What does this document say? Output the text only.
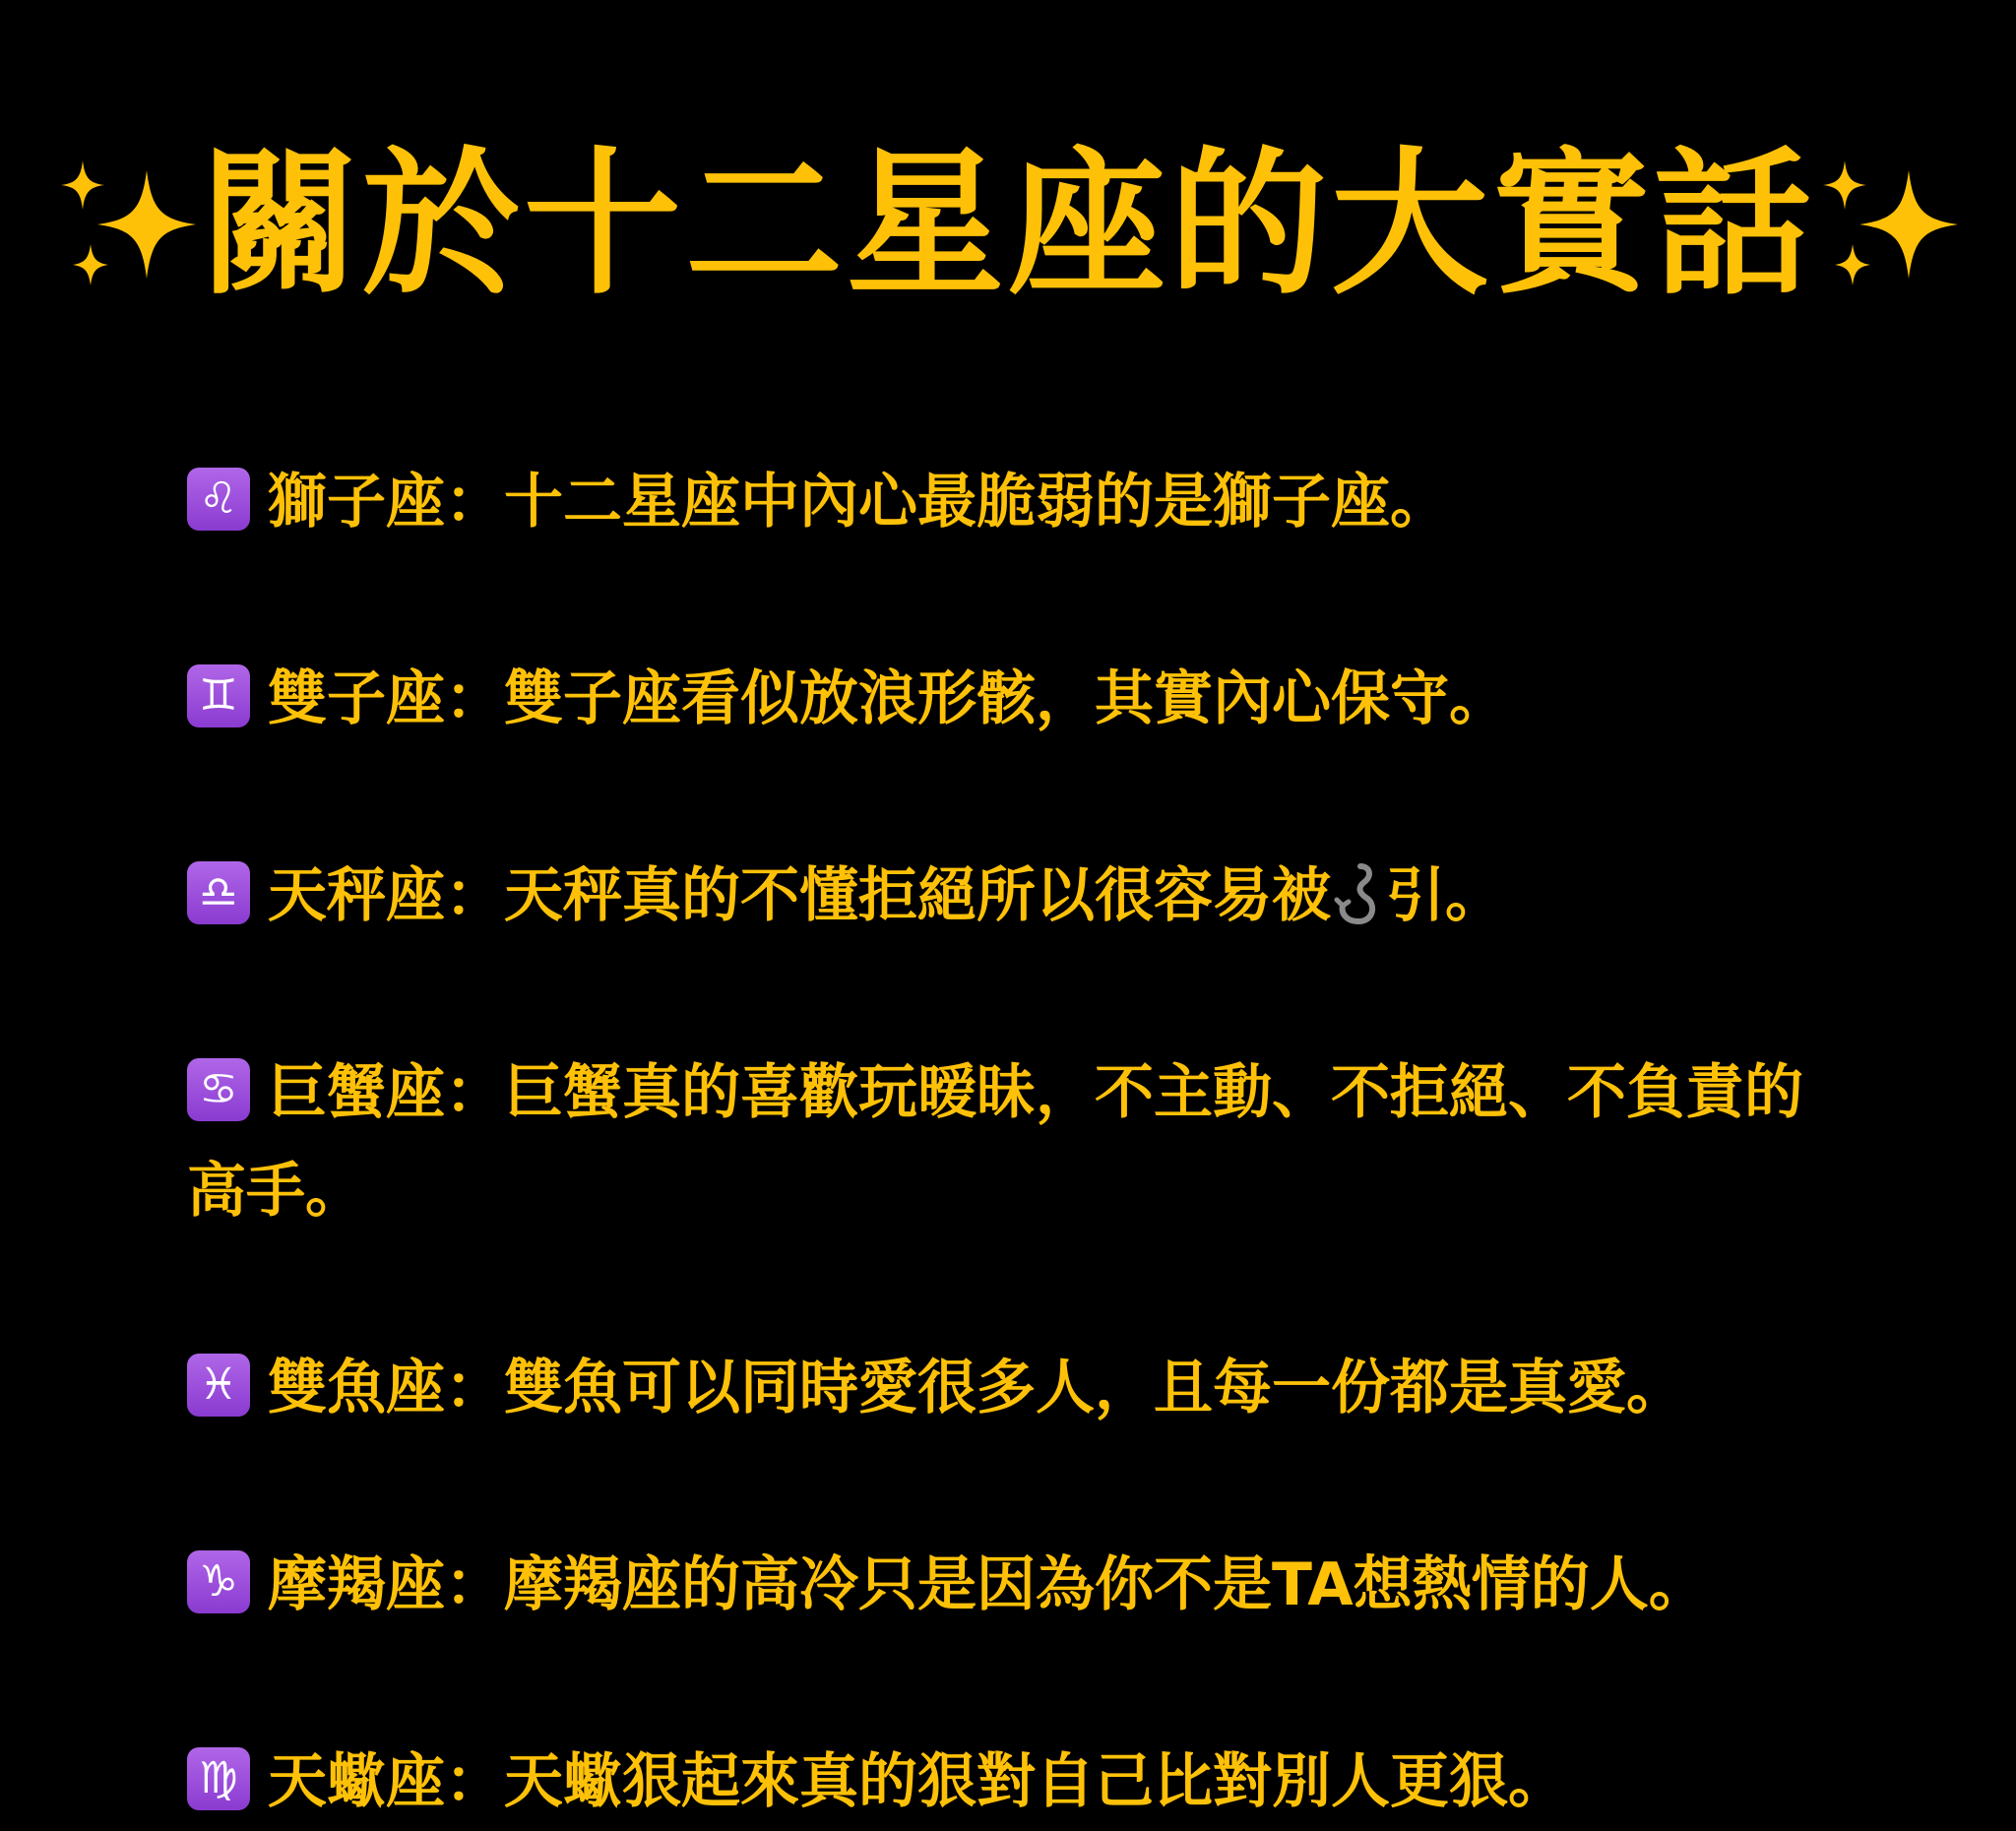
關於十二星座的大實話
♌ 獅子座：十二星座中內心最脆弱的是獅子座。
♊ 雙子座：雙子座看似放浪形骸，其實內心保守。
♎ 天秤座：天秤真的不懂拒絕所以很容易被 引。
♋ 巨蟹座：巨蟹真的喜歡玩暧昧，不主動、不拒絕、不負責的高手。
♓ 雙魚座：雙魚可以同時愛很多人，且每一份都是真愛。
♑ 摩羯座：摩羯座的高冷只是因為你不是TA想熱情的人。
♍ 天蠍座：天蠍狠起來真的狠對自己比對別人更狠。
